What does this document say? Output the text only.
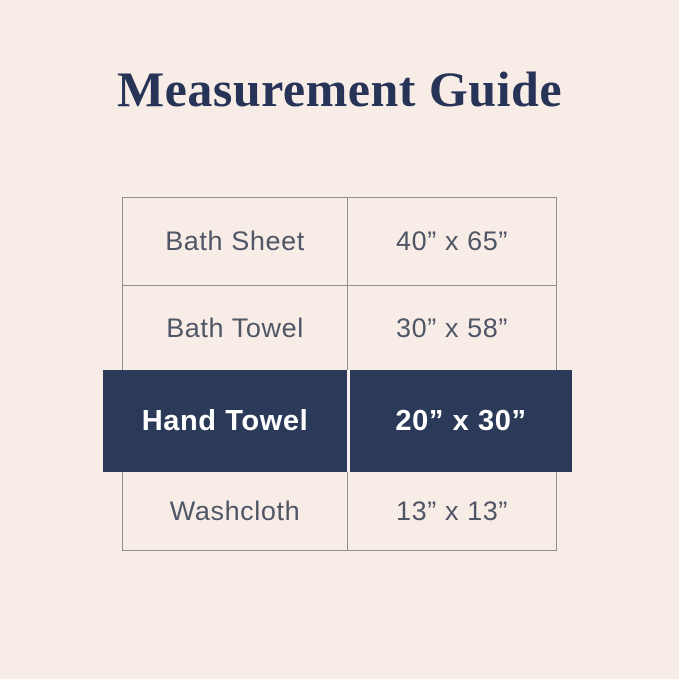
Measurement Guide
Bath Sheet	40” x 65”
Bath Towel	30” x 58”
Hand Towel	20” x 30”
Washcloth	13” x 13”
